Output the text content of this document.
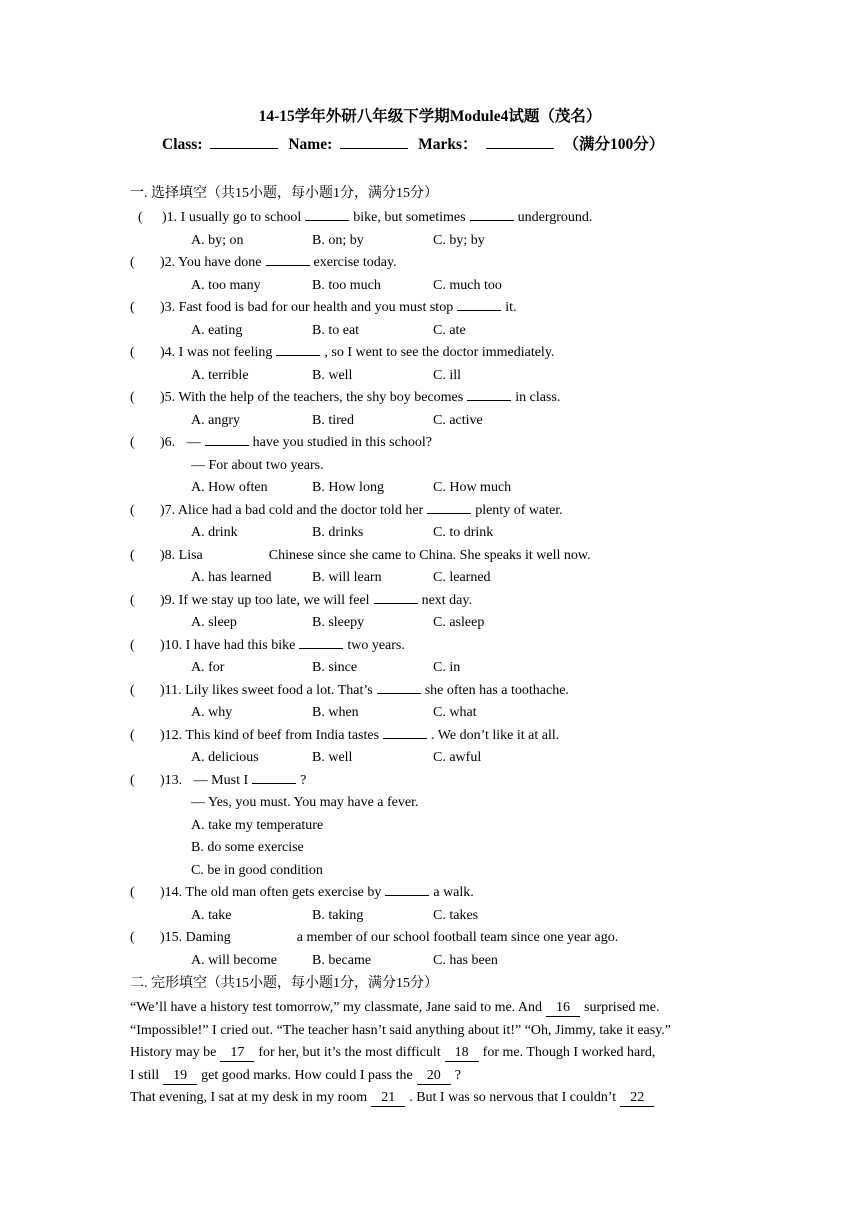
14-15学年外研八年级下学期Module4试题（茂名）
Class:	Name:	Marks：	（满分100分）
一. 选择填空（共15小题，每小题1分，满分15分）
( )1. I usually go to school	bike, but sometimes	underground.
A. by; on	B. on; by	C. by; by
( )2. You have done	exercise today.
A. too many	B. too much	C. much too
( )3. Fast food is bad for our health and you must stop	it.
A. eating	B. to eat	C. ate
( )4. I was not feeling	, so I went to see the doctor immediately.
A. terrible	B. well	C. ill
( )5. With the help of the teachers, the shy boy becomes	in class.
A. angry	B. tired	C. active
( )6. —	have you studied in this school?
— For about two years.
A. How often	B. How long	C. How much
( )7. Alice had a bad cold and the doctor told her	plenty of water.
A. drink	B. drinks	C. to drink
( )8. Lisa	Chinese since she came to China. She speaks it well now.
A. has learned	B. will learn	C. learned
( )9. If we stay up too late, we will feel	next day.
A. sleep	B. sleepy	C. asleep
( )10. I have had this bike	two years.
A. for	B. since	C. in
( )11. Lily likes sweet food a lot. That’s	she often has a toothache.
A. why	B. when	C. what
( )12. This kind of beef from India tastes	. We don’t like it at all.
A. delicious	B. well	C. awful
( )13. — Must I	?
— Yes, you must. You may have a fever.
A. take my temperature
B. do some exercise
C. be in good condition
( )14. The old man often gets exercise by	a walk.
A. take	B. taking	C. takes
( )15. Daming	a member of our school football team since one year ago.
A. will become	B. became	C. has been
二. 完形填空（共15小题，每小题1分，满分15分）
“We’ll have a history test tomorrow,” my classmate, Jane said to me. And 16 surprised me.
“Impossible!” I cried out. “The teacher hasn’t said anything about it!” “Oh, Jimmy, take it easy.”
History may be 17 for her, but it’s the most difficult 18 for me. Though I worked hard,
I still 19 get good marks. How could I pass the 20 ?
That evening, I sat at my desk in my room 21 . But I was so nervous that I couldn’t 22
